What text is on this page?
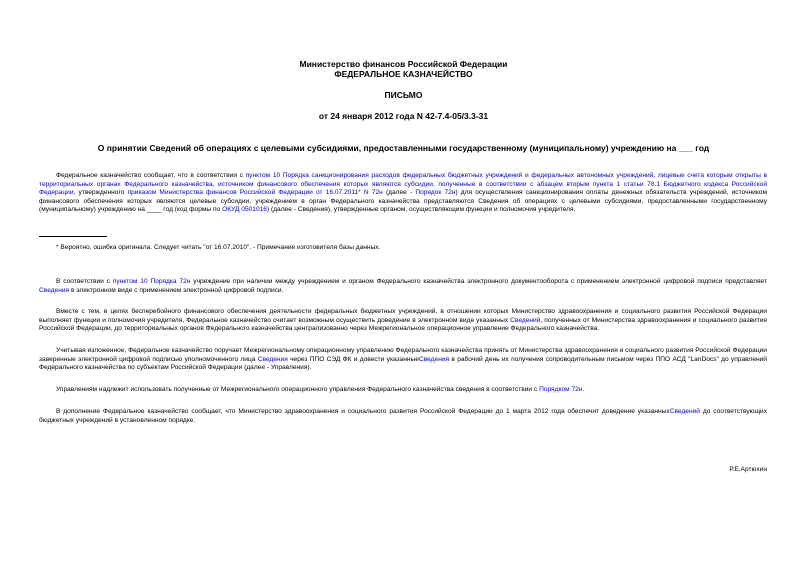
Министерство финансов Российской Федерации
ФЕДЕРАЛЬНОЕ КАЗНАЧЕЙСТВО
ПИСЬМО
от 24 января 2012 года N 42-7.4-05/3.3-31
О принятии Сведений об операциях с целевыми субсидиями, предоставленными государственному (муниципальному) учреждению на ___ год
Федеральное казначейство сообщает, что в соответствии с пунктом 10 Порядка санкционирования расходов федеральных бюджетных учреждений и федеральных автономных учреждений, лицевые счета которым открыты в территориальных органах Федерального казначейства, источником финансового обеспечения которых являются субсидии, полученные в соответствии с абзацем вторым пункта 1 статьи 78.1 Бюджетного кодекса Российской Федерации, утвержденного приказом Министерства финансов Российской Федерации от 16.07.2011* N 72н (далее - Порядок 72н) для осуществления санкционирования оплаты денежных обязательств учреждений, источником финансового обеспечения которых являются целевые субсидии, учреждением в орган Федерального казначейства представляются Сведения об операциях с целевыми субсидиями, предоставленными государственному (муниципальному) учреждению на ____ год (код формы по ОКУД 0501016) (далее - Сведения), утвержденные органом, осуществляющим функции и полномочия учредителя.
* Вероятно, ошибка оригинала. Следует читать "от 16.07.2010". - Примечание изготовителя базы данных.
В соответствии с пунктом 10 Порядка 72н учреждение при наличии между учреждением и органом Федерального казначейства электронного документооборота с применением электронной цифровой подписи представляет Сведения в электронном виде с применением электронной цифровой подписи.
Вместе с тем, в целях бесперебойного финансового обеспечения деятельности федеральных бюджетных учреждений, в отношении которых Министерство здравоохранения и социального развития Российской Федерации выполняет функции и полномочия учредителя, Федеральное казначейство считает возможным осуществить доведение в электронном виде указанных Сведений, полученных от Министерства здравоохранения и социального развития Российской Федерации, до территориальных органов Федерального казначейства централизованно через Межрегиональное операционное управление Федерального казначейства.
Учитывая изложенное, Федеральное казначейство поручает Межрегиональному операционному управлению Федерального казначейства принять от Министерства здравоохранения и социального развития Российской Федерации заверенные электронной цифровой подписью уполномоченного лица Сведения через ППО СЭД ФК и довести указанныеСведения в рабочий день их получения сопроводительным письмом через ППО АСД "LanDocs" до управлений Федерального казначейства по субъектам Российской Федерации (далее - Управления).
Управлениям надлежит использовать полученные от Межрегионального операционного управления Федерального казначейства сведения в соответствии с Порядком 72н.
В дополнение Федеральное казначейство сообщает, что Министерство здравоохранения и социального развития Российской Федерации до 1 марта 2012 года обеспечит доведение указанныхСведений до соответствующих бюджетных учреждений в установленном порядке.
Р.Е.Артюхин
